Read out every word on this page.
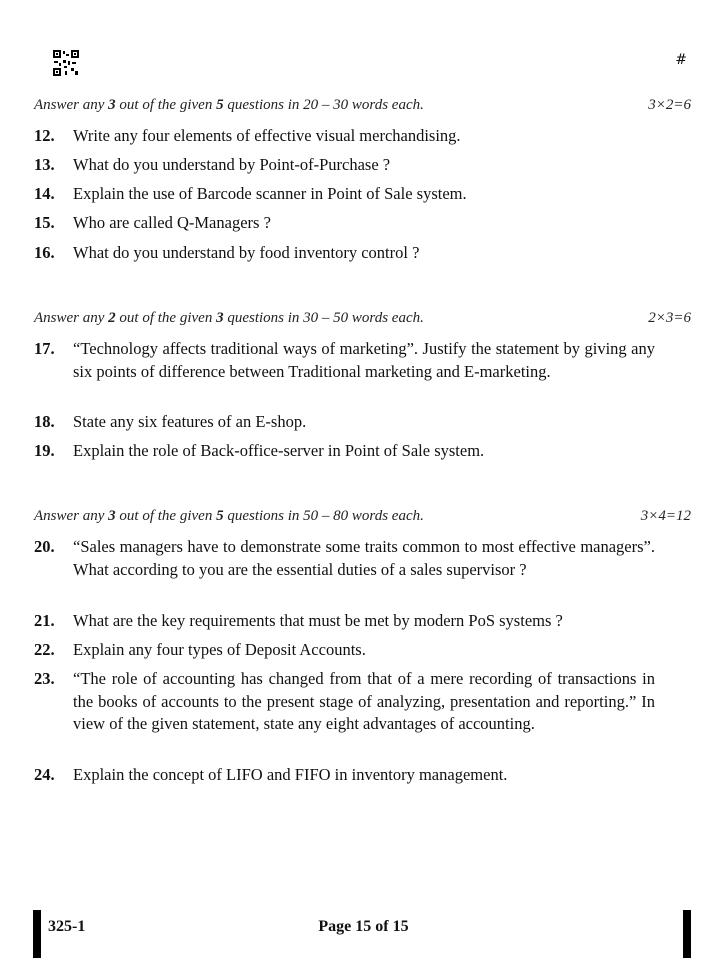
#
Answer any 3 out of the given 5 questions in 20 – 30 words each.	3×2=6
12.	Write any four elements of effective visual merchandising.
13.	What do you understand by Point-of-Purchase ?
14.	Explain the use of Barcode scanner in Point of Sale system.
15.	Who are called Q-Managers ?
16.	What do you understand by food inventory control ?
Answer any 2 out of the given 3 questions in 30 – 50 words each.	2×3=6
17.	“Technology affects traditional ways of marketing”. Justify the statement by giving any six points of difference between Traditional marketing and E-marketing.
18.	State any six features of an E-shop.
19.	Explain the role of Back-office-server in Point of Sale system.
Answer any 3 out of the given 5 questions in 50 – 80 words each.	3×4=12
20.	“Sales managers have to demonstrate some traits common to most effective managers”. What according to you are the essential duties of a sales supervisor ?
21.	What are the key requirements that must be met by modern PoS systems ?
22.	Explain any four types of Deposit Accounts.
23.	“The role of accounting has changed from that of a mere recording of transactions in the books of accounts to the present stage of analyzing, presentation and reporting.” In view of the given statement, state any eight advantages of accounting.
24.	Explain the concept of LIFO and FIFO in inventory management.
325-1	Page 15 of 15
